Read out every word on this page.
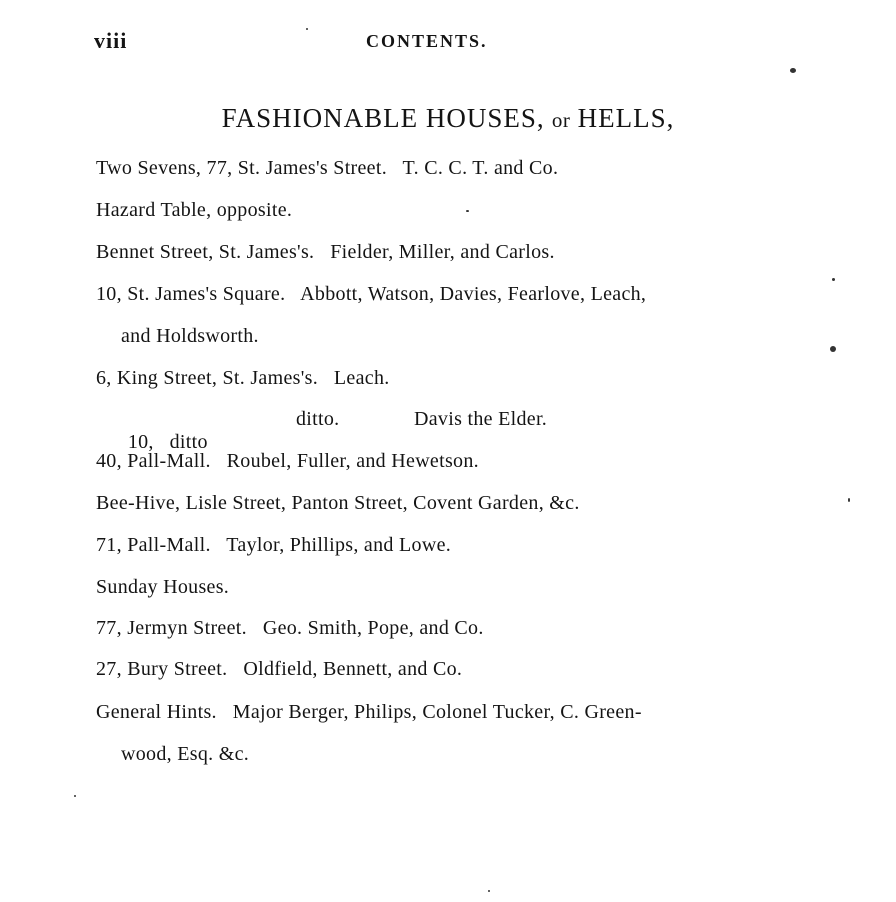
viii	CONTENTS.
FASHIONABLE HOUSES, or HELLS,
Two Sevens, 77, St. James's Street.   T. C. C. T. and Co.
Hazard Table, opposite.
Bennet Street, St. James's.   Fielder, Miller, and Carlos.
10, St. James's Square.   Abbott, Watson, Davies, Fearlove, Leach,
and Holdsworth.
6, King Street, St. James's.   Leach.

10,   ditto

ditto.

	Davis the Elder.

40, Pall-Mall.   Roubel, Fuller, and Hewetson.
Bee-Hive, Lisle Street, Panton Street, Covent Garden, &c.
71, Pall-Mall.   Taylor, Phillips, and Lowe.
Sunday Houses.
77, Jermyn Street.   Geo. Smith, Pope, and Co.
27, Bury Street.   Oldfield, Bennett, and Co.
General Hints.   Major Berger, Philips, Colonel Tucker, C. Green-
wood, Esq. &c.
